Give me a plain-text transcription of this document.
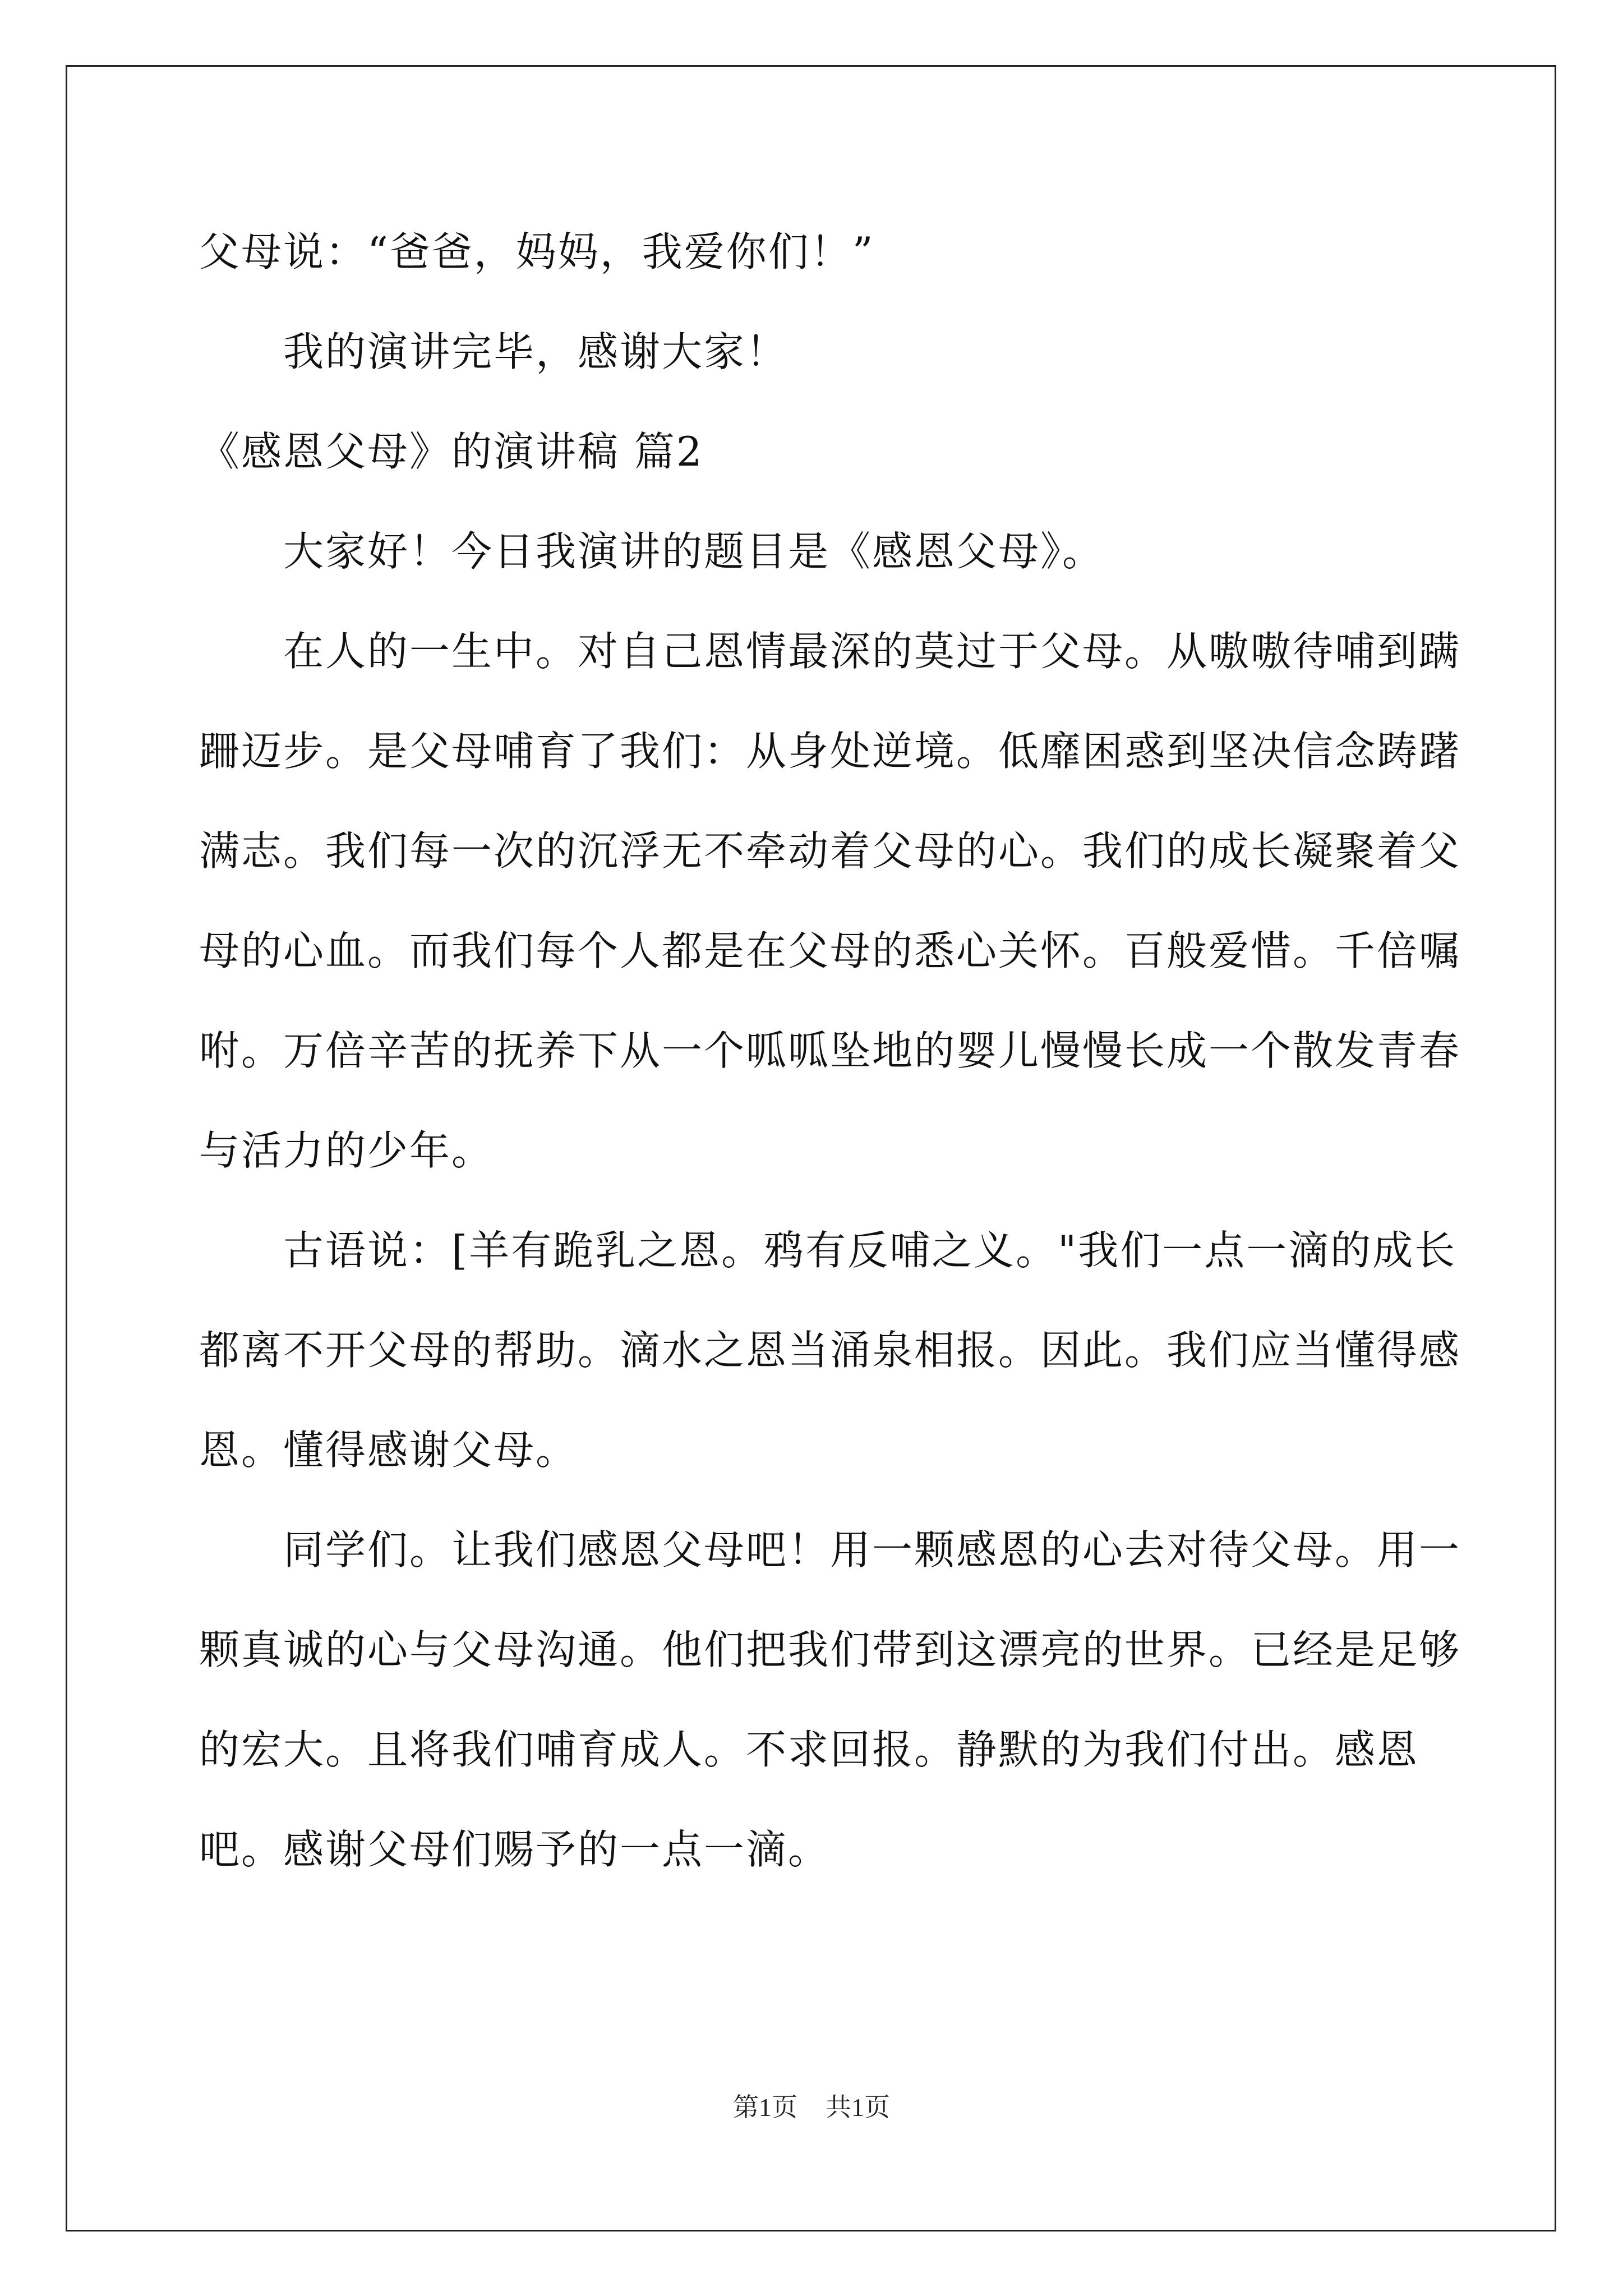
父母说：“爸爸，妈妈，我爱你们！”

我的演讲完毕，感谢大家！

《感恩父母》的演讲稿 篇2

大家好！今日我演讲的题目是《感恩父母》。

在人的一生中。对自己恩情最深的莫过于父母。从嗷嗷待哺到蹒跚迈步。是父母哺育了我们：从身处逆境。低靡困惑到坚决信念踌躇满志。我们每一次的沉浮无不牵动着父母的心。我们的成长凝聚着父母的心血。而我们每个人都是在父母的悉心关怀。百般爱惜。千倍嘱咐。万倍辛苦的抚养下从一个呱呱坠地的婴儿慢慢长成一个散发青春与活力的少年。

古语说：[羊有跪乳之恩。鸦有反哺之义。"我们一点一滴的成长都离不开父母的帮助。滴水之恩当涌泉相报。因此。我们应当懂得感恩。懂得感谢父母。

同学们。让我们感恩父母吧！用一颗感恩的心去对待父母。用一颗真诚的心与父母沟通。他们把我们带到这漂亮的世界。已经是足够的宏大。且将我们哺育成人。不求回报。静默的为我们付出。感恩吧。感谢父母们赐予的一点一滴。

第1页 共1页
